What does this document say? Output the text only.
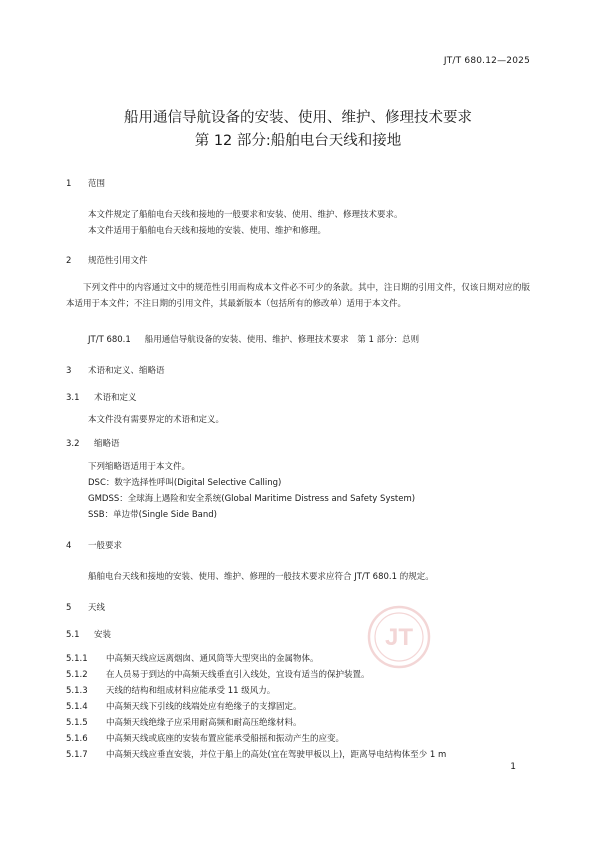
JT/T 680.12—2025
船用通信导航设备的安装、使用、维护、修理技术要求
第 12 部分:船舶电台天线和接地
1 范围
本文件规定了船舶电台天线和接地的一般要求和安装、使用、维护、修理技术要求。
本文件适用于船舶电台天线和接地的安装、使用、维护和修理。
2 规范性引用文件
下列文件中的内容通过文中的规范性引用而构成本文件必不可少的条款。其中，注日期的引用文件，仅该日期对应的版本适用于本文件；不注日期的引用文件，其最新版本（包括所有的修改单）适用于本文件。
JT/T 680.1 船用通信导航设备的安装、使用、维护、修理技术要求　第 1 部分：总则
3 术语和定义、缩略语
3.1 术语和定义
本文件没有需要界定的术语和定义。
3.2 缩略语
下列缩略语适用于本文件。
DSC：数字选择性呼叫(Digital Selective Calling)
GMDSS：全球海上遇险和安全系统(Global Maritime Distress and Safety System)
SSB：单边带(Single Side Band)
4 一般要求
船舶电台天线和接地的安装、使用、维护、修理的一般技术要求应符合 JT/T 680.1 的规定。
5 天线
5.1 安装
5.1.1 中高频天线应远离烟囱、通风筒等大型突出的金属物体。
5.1.2 在人员易于到达的中高频天线垂直引入线处，宜设有适当的保护装置。
5.1.3 天线的结构和组成材料应能承受 11 级风力。
5.1.4 中高频天线下引线的线端处应有绝缘子的支撑固定。
5.1.5 中高频天线绝缘子应采用耐高频和耐高压绝缘材料。
5.1.6 中高频天线或底座的安装布置应能承受船摇和振动产生的应变。
5.1.7 中高频天线应垂直安装，并位于船上的高处(宜在驾驶甲板以上)，距离导电结构体至少 1 m
JT
1
